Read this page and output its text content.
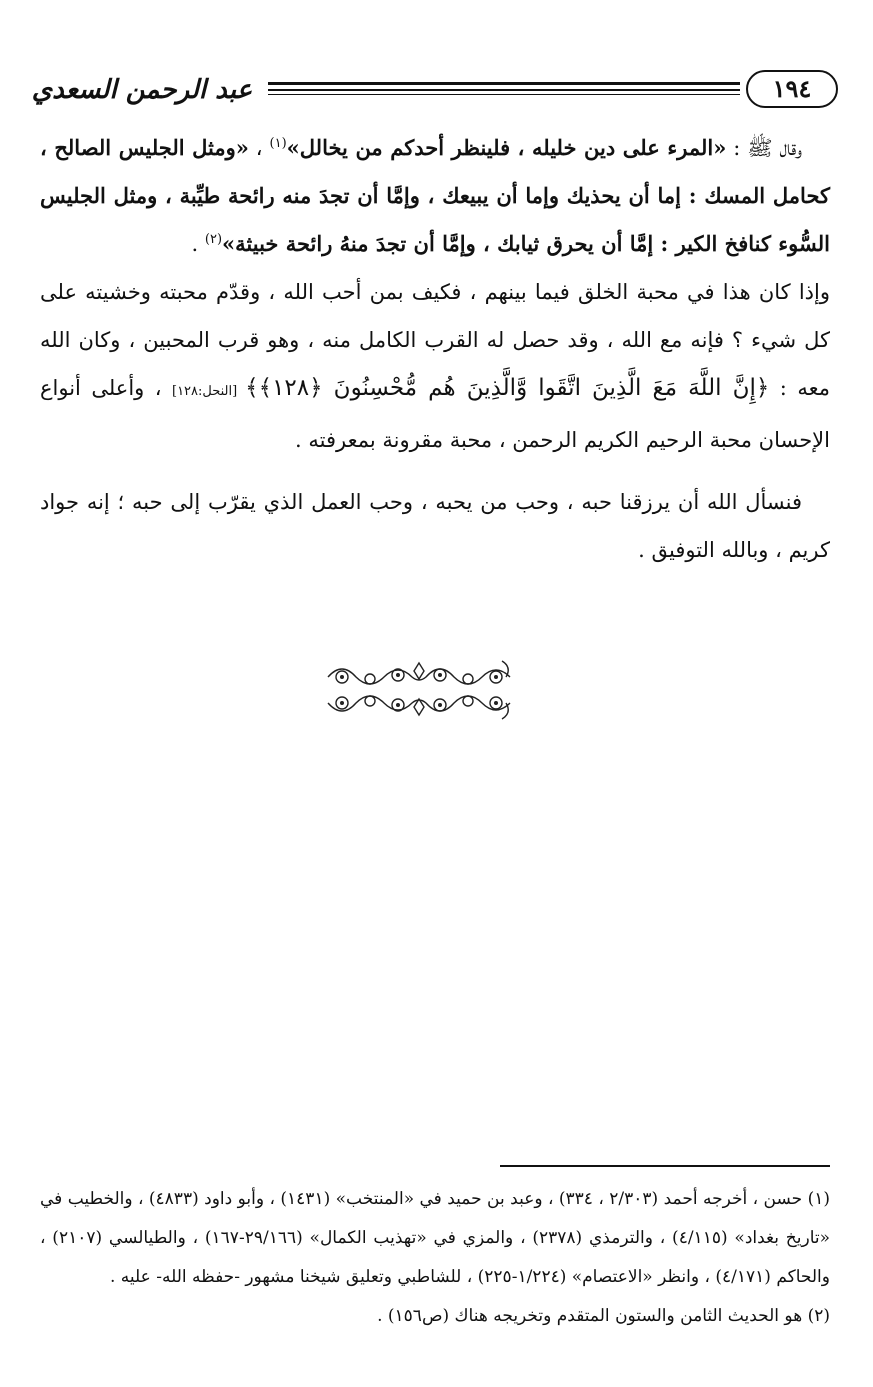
١٩٤
عبد الرحمن السعدي

وقال ﷺ : «المرء على دين خليله ، فلينظر أحدكم من يخالل»$^{(١)}$ ، «ومثل الجليس الصالح ، كحامل المسك : إما أن يحذيك وإما أن يبيعك ، وإمَّا أن تجدَ منه رائحة طيِّبة ، ومثل الجليس السُّوء كنافخ الكير : إمَّا أن يحرق ثيابك ، وإمَّا أن تجدَ منهُ رائحة خبيثة»$^{(٢)}$ .

وإذا كان هذا في محبة الخلق فيما بينهم ، فكيف بمن أحب الله ، وقدّم محبته وخشيته على كل شيء ؟ فإنه مع الله ، وقد حصل له القرب الكامل منه ، وهو قرب المحبين ، وكان الله معه : ﴿إِنَّ اللَّهَ مَعَ الَّذِينَ اتَّقَوا وَّالَّذِينَ هُم مُّحْسِنُونَ ﴿١٢٨﴾﴾ [النحل:١٢٨] ، وأعلى أنواع الإحسان محبة الرحيم الكريم الرحمن ، محبة مقرونة بمعرفته .

فنسأل الله أن يرزقنا حبه ، وحب من يحبه ، وحب العمل الذي يقرّب إلى حبه ؛ إنه جواد كريم ، وبالله التوفيق .

(١) حسن ، أخرجه أحمد (٢/٣٠٣ ، ٣٣٤) ، وعبد بن حميد في «المنتخب» (١٤٣١) ، وأبو داود (٤٨٣٣) ، والخطيب في «تاريخ بغداد» (٤/١١٥) ، والترمذي (٢٣٧٨) ، والمزي في «تهذيب الكمال» (٢٩/١٦٦-١٦٧) ، والطيالسي (٢١٠٧) ، والحاكم (٤/١٧١) ، وانظر «الاعتصام» (١/٢٢٤-٢٢٥) ، للشاطبي وتعليق شيخنا مشهور -حفظه الله- عليه .

(٢) هو الحديث الثامن والستون المتقدم وتخريجه هناك (ص١٥٦) .
